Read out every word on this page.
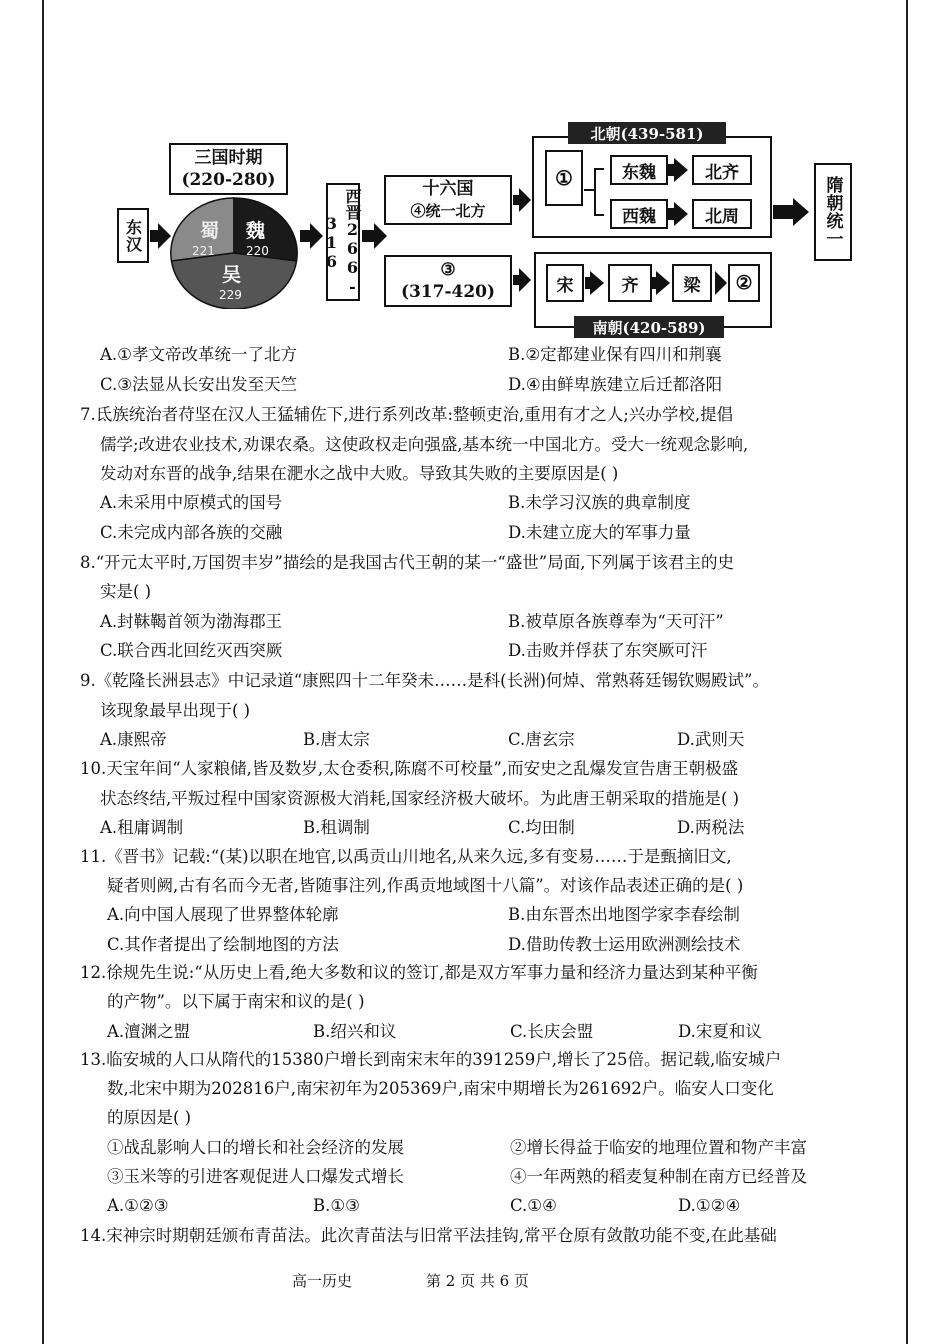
三国时期
(220-280)
东汉	蜀
221
魏
220
吴
229	西晋266-316
十六国
④统一北方
③
(317-420)
北朝(439-581)
①	东魏	北齐
西魏	北周
南朝(420-589)
宋	齐	梁 ②
隋朝统一
A.①孝文帝改革统一了北方	B.②定都建业保有四川和荆襄
C.③法显从长安出发至天竺	D.④由鲜卑族建立后迁都洛阳
7.氐族统治者苻坚在汉人王猛辅佐下,进行系列改革:整顿吏治,重用有才之人;兴办学校,提倡
儒学;改进农业技术,劝课农桑。这使政权走向强盛,基本统一中国北方。受大一统观念影响,
发动对东晋的战争,结果在淝水之战中大败。导致其失败的主要原因是( )
A.未采用中原模式的国号	B.未学习汉族的典章制度
C.未完成内部各族的交融	D.未建立庞大的军事力量
8.“开元太平时,万国贺丰岁”描绘的是我国古代王朝的某一“盛世”局面,下列属于该君主的史
实是( )
A.封靺鞨首领为渤海郡王	B.被草原各族尊奉为“天可汗”
C.联合西北回纥灭西突厥	D.击败并俘获了东突厥可汗
9.《乾隆长洲县志》中记录道“康熙四十二年癸未……是科(长洲)何焯、常熟蒋廷锡钦赐殿试”。
该现象最早出现于( )
A.康熙帝	B.唐太宗	C.唐玄宗	D.武则天
10.天宝年间“人家粮储,皆及数岁,太仓委积,陈腐不可校量”,而安史之乱爆发宣告唐王朝极盛
状态终结,平叛过程中国家资源极大消耗,国家经济极大破坏。为此唐王朝采取的措施是( )
A.租庸调制	B.租调制	C.均田制	D.两税法
11.《晋书》记载:“(某)以职在地官,以禹贡山川地名,从来久远,多有变易……于是甄摘旧文,
疑者则阙,古有名而今无者,皆随事注列,作禹贡地域图十八篇”。对该作品表述正确的是( )
A.向中国人展现了世界整体轮廓	B.由东晋杰出地图学家李春绘制
C.其作者提出了绘制地图的方法	D.借助传教士运用欧洲测绘技术
12.徐规先生说:“从历史上看,绝大多数和议的签订,都是双方军事力量和经济力量达到某种平衡
的产物”。以下属于南宋和议的是( )
A.澶渊之盟	B.绍兴和议	C.长庆会盟	D.宋夏和议
13.临安城的人口从隋代的15380户增长到南宋末年的391259户,增长了25倍。据记载,临安城户
数,北宋中期为202816户,南宋初年为205369户,南宋中期增长为261692户。临安人口变化
的原因是( )
①战乱影响人口的增长和社会经济的发展	②增长得益于临安的地理位置和物产丰富
③玉米等的引进客观促进人口爆发式增长	④一年两熟的稻麦复种制在南方已经普及
A.①②③	B.①③	C.①④	D.①②④
14.宋神宗时期朝廷颁布青苗法。此次青苗法与旧常平法挂钩,常平仓原有敛散功能不变,在此基础
高一历史	第 2 页 共 6 页
